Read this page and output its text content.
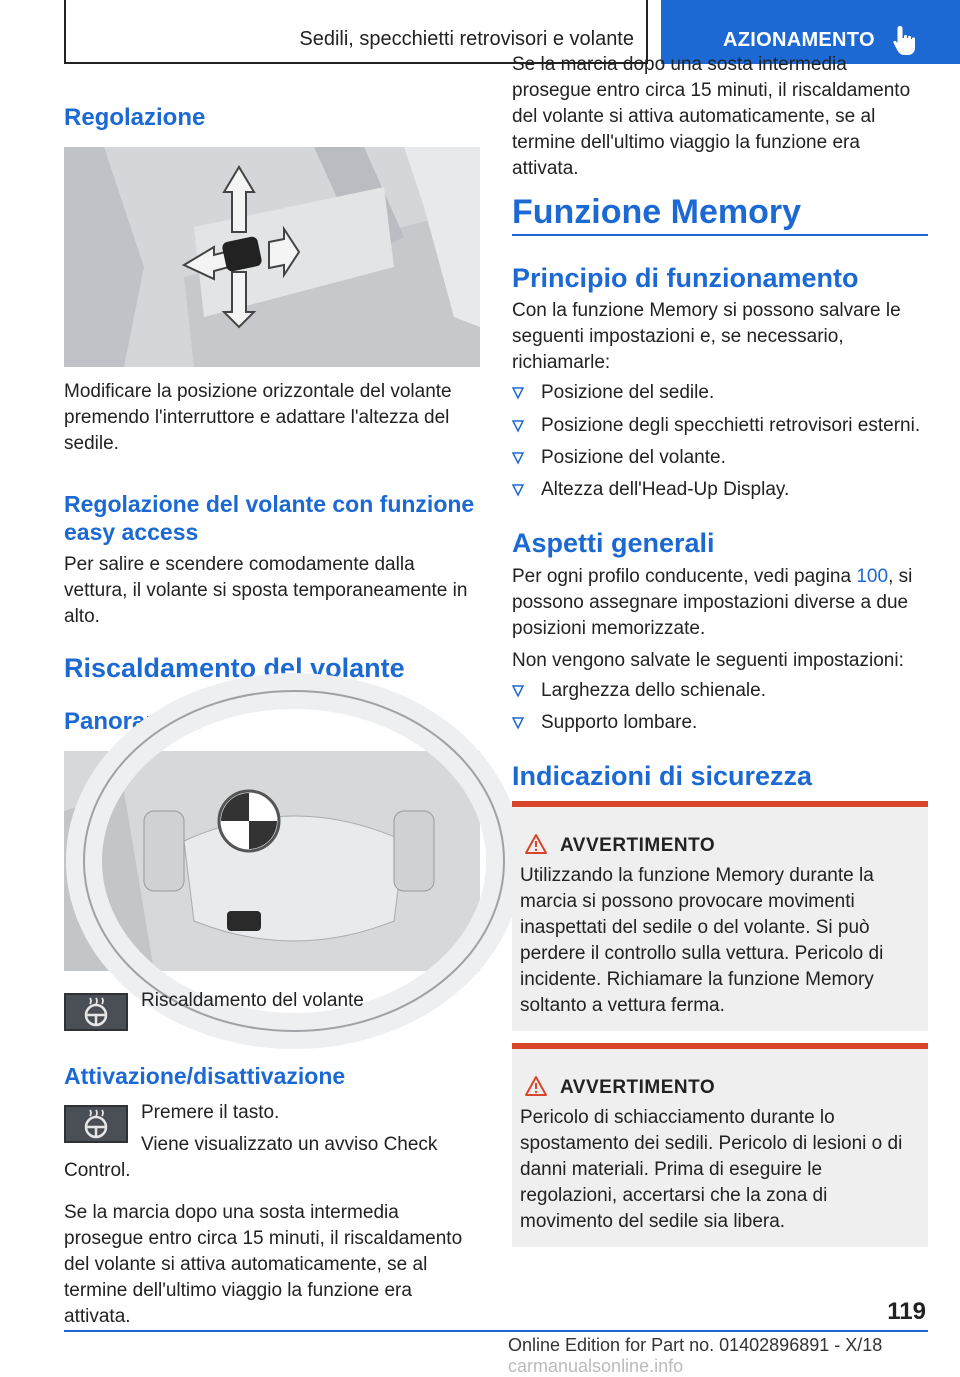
Sedili, specchietti retrovisori e volante	AZIONAMENTO
Regolazione
Modificare la posizione orizzontale del volante premendo l'interruttore e adattare l'altezza del sedile.
Regolazione del volante con funzione easy access
Per salire e scendere comodamente dalla vettura, il volante si sposta temporaneamente in alto.
Riscaldamento del volante
Panoramica
Riscaldamento del volante
Attivazione/disattivazione
Premere il tasto.
Viene visualizzato un avviso Check Control.
Se la marcia dopo una sosta intermedia prosegue entro circa 15 minuti, il riscaldamento del volante si attiva automaticamente, se al termine dell'ultimo viaggio la funzione era attivata.
Se la marcia dopo una sosta intermedia prosegue entro circa 15 minuti, il riscaldamento del volante si attiva automaticamente, se al termine dell'ultimo viaggio la funzione era attivata.
Funzione Memory
Principio di funzionamento
Con la funzione Memory si possono salvare le seguenti impostazioni e, se necessario, richiamarle:
Posizione del sedile.
Posizione degli specchietti retrovisori esterni.
Posizione del volante.
Altezza dell'Head-Up Display.
Aspetti generali
Per ogni profilo conducente, vedi pagina 100, si possono assegnare impostazioni diverse a due posizioni memorizzate.
Non vengono salvate le seguenti impostazioni:
Larghezza dello schienale.
Supporto lombare.
Indicazioni di sicurezza
AVVERTIMENTO
Utilizzando la funzione Memory durante la marcia si possono provocare movimenti inaspettati del sedile o del volante. Si può perdere il controllo sulla vettura. Pericolo di incidente. Richiamare la funzione Memory soltanto a vettura ferma.
AVVERTIMENTO
Pericolo di schiacciamento durante lo spostamento dei sedili. Pericolo di lesioni o di danni materiali. Prima di eseguire le regolazioni, accertarsi che la zona di movimento del sedile sia libera.
119
Online Edition for Part no. 01402896891 - X/18 carmanualsonline.info
